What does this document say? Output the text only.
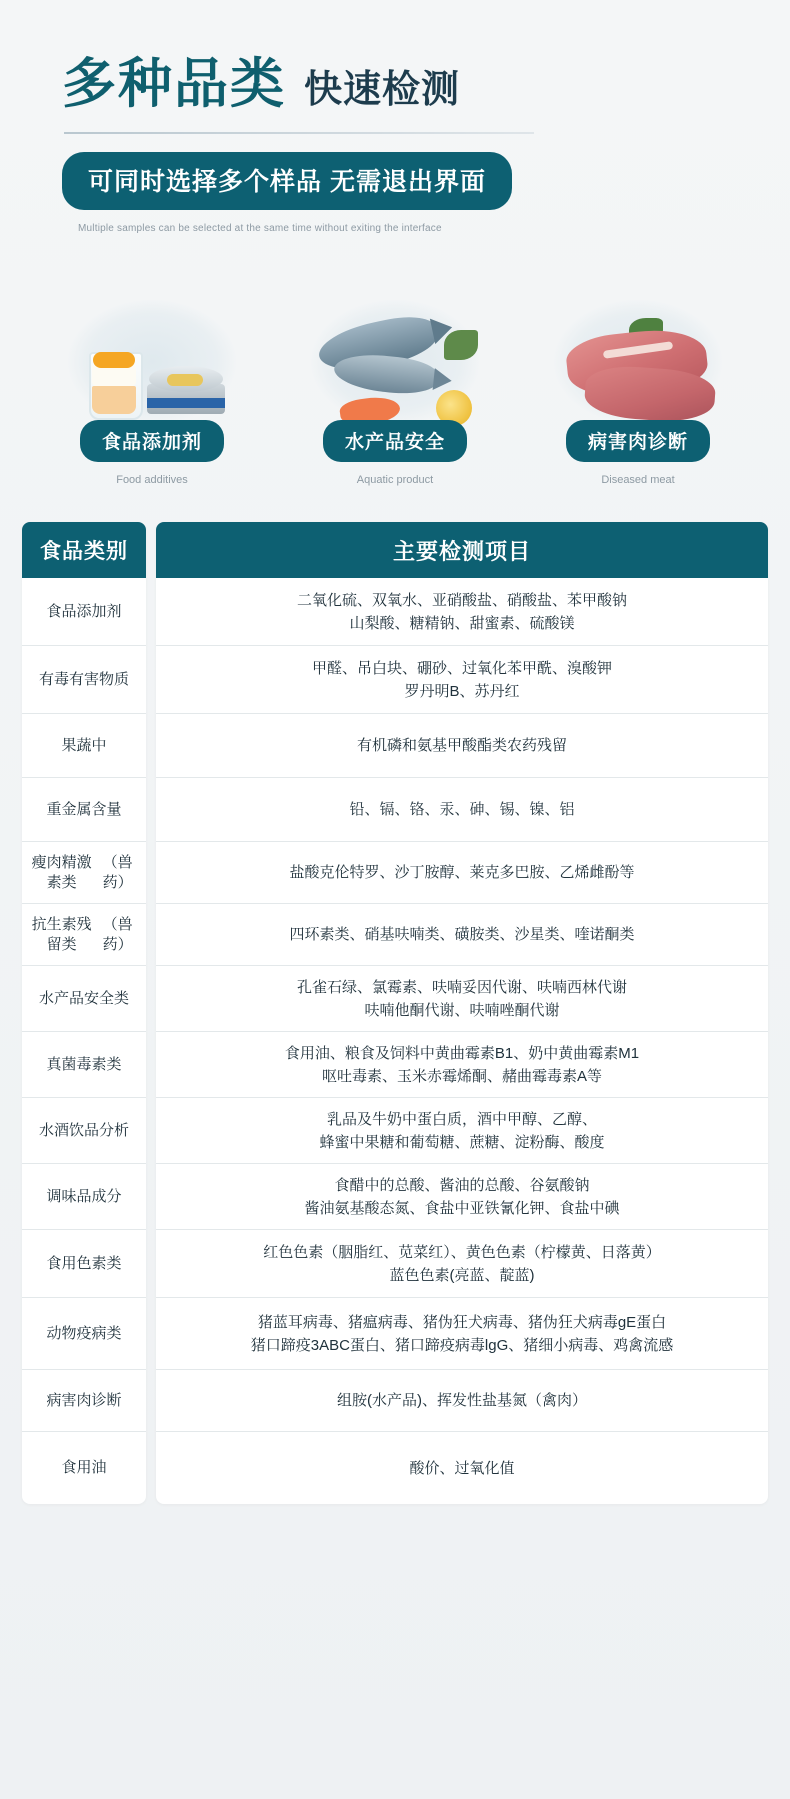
多种品类 快速检测
可同时选择多个样品 无需退出界面
Multiple samples can be selected at the same time without exiting the interface
食品添加剂
Food additives
水产品安全
Aquatic product
病害肉诊断
Diseased meat
食品类别
食品添加剂
有毒有害物质
果蔬中
重金属含量
瘦肉精激素类
（兽药）
抗生素残留类
（兽药）
水产品安全类
真菌毒素类
水酒饮品 分析
调味品成分
食用色素类
动物疫病类
病害肉诊断
食用油
主要检测项目
二氧化硫、双氧水、亚硝酸盐、硝酸盐、苯甲酸钠
山梨酸、糖精钠、甜蜜素、硫酸镁
甲醛、吊白块、硼砂、过氧化苯甲酰、溴酸钾
罗丹明B、苏丹红
有机磷和氨基甲酸酯类农药残留
铅、镉、铬、汞、砷、锡、镍、铝
盐酸克伦特罗、沙丁胺醇、莱克多巴胺、乙烯雌酚等
四环素类、硝基呋喃类、磺胺类、沙星类、喹诺酮类
孔雀石绿、氯霉素、呋喃妥因代谢、呋喃西林代谢
呋喃他酮代谢、呋喃唑酮代谢
食用油、粮食及饲料中黄曲霉素B1、奶中黄曲霉素M1
呕吐毒素、玉米赤霉烯酮、赭曲霉毒素A等
乳品及牛奶中蛋白质，酒中甲醇、乙醇、
蜂蜜中果糖和葡萄糖、蔗糖、淀粉酶、酸度
食醋中的总酸、酱油的总酸、谷氨酸钠
酱油氨基酸态氮、食盐中亚铁氰化钾、食盐中碘
红色色素（胭脂红、苋菜红）、黄色色素（柠檬黄、日落黄）
蓝色色素(亮蓝、靛蓝)
猪蓝耳病毒、猪瘟病毒、猪伪狂犬病毒、猪伪狂犬病毒gE蛋白
猪口蹄疫3ABC蛋白、猪口蹄疫病毒lgG、猪细小病毒、鸡禽流感
组胺(水产品)、挥发性盐基氮（禽肉）
酸价、过氧化值
